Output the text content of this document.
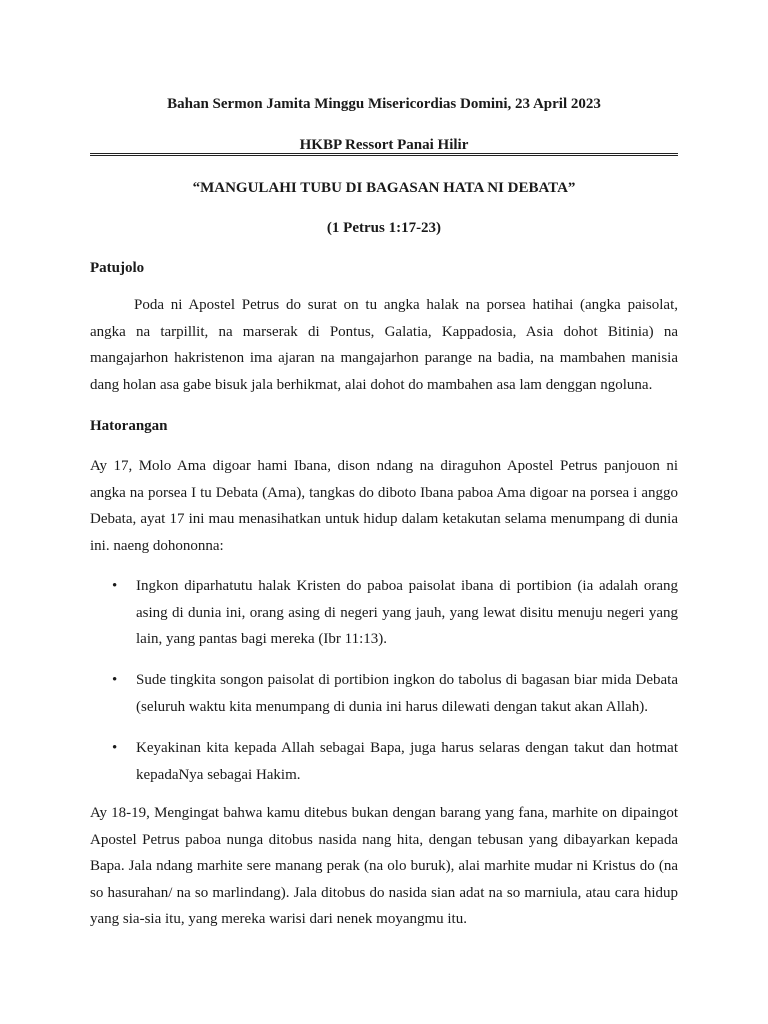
Bahan Sermon Jamita Minggu Misericordias Domini, 23 April 2023
HKBP Ressort Panai Hilir
“MANGULAHI TUBU DI BAGASAN HATA NI DEBATA”
(1 Petrus 1:17-23)
Patujolo
Poda ni Apostel Petrus do surat on tu angka halak na porsea hatihai (angka paisolat,
angka na tarpillit, na marserak di Pontus, Galatia, Kappadosia, Asia dohot Bitinia) na
mangajarhon hakristenon ima ajaran na mangajarhon parange na badia, na mambahen manisia
dang holan asa gabe bisuk jala berhikmat, alai dohot do mambahen asa lam denggan ngoluna.
Hatorangan
Ay 17, Molo Ama digoar hami Ibana, dison ndang na diraguhon Apostel Petrus panjouon ni
angka na porsea I tu Debata (Ama), tangkas do diboto Ibana paboa Ama digoar na porsea i anggo
Debata, ayat 17 ini mau menasihatkan untuk hidup dalam ketakutan selama menumpang di dunia
ini. naeng dohononna:
•	Ingkon diparhatutu halak Kristen do paboa paisolat ibana di portibion (ia adalah orang
asing di dunia ini, orang asing di negeri yang jauh, yang lewat disitu menuju negeri yang
lain, yang pantas bagi mereka (Ibr 11:13).
•	Sude tingkita songon paisolat di portibion ingkon do tabolus di bagasan biar mida Debata
(seluruh waktu kita menumpang di dunia ini harus dilewati dengan takut akan Allah).
•	Keyakinan kita kepada Allah sebagai Bapa, juga harus selaras dengan takut dan hotmat
kepadaNya sebagai Hakim.
Ay 18-19, Mengingat bahwa kamu ditebus bukan dengan barang yang fana, marhite on dipaingot
Apostel Petrus paboa nunga ditobus nasida nang hita, dengan tebusan yang dibayarkan kepada
Bapa. Jala ndang marhite sere manang perak (na olo buruk), alai marhite mudar ni Kristus do (na
so hasurahan/ na so marlindang). Jala ditobus do nasida sian adat na so marniula, atau cara hidup
yang sia-sia itu, yang mereka warisi dari nenek moyangmu itu.
